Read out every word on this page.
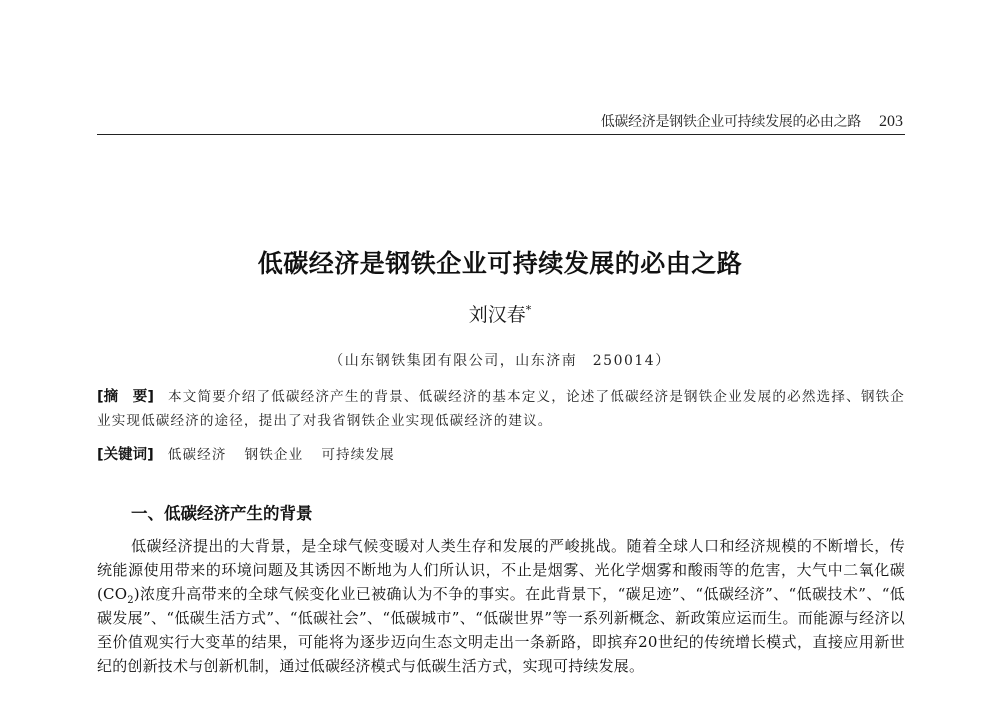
低碳经济是钢铁企业可持续发展的必由之路 203
低碳经济是钢铁企业可持续发展的必由之路
刘汉春*
（山东钢铁集团有限公司，山东济南　250014）
[摘　要] 本文简要介绍了低碳经济产生的背景、低碳经济的基本定义，论述了低碳经济是钢铁企业发展的必然选择、钢铁企业实现低碳经济的途径，提出了对我省钢铁企业实现低碳经济的建议。
[关键词] 低碳经济 钢铁企业 可持续发展
一、低碳经济产生的背景
低碳经济提出的大背景，是全球气候变暖对人类生存和发展的严峻挑战。随着全球人口和经济规模的不断增长，传统能源使用带来的环境问题及其诱因不断地为人们所认识，不止是烟雾、光化学烟雾和酸雨等的危害，大气中二氧化碳$(CO_2)$浓度升高带来的全球气候变化业已被确认为不争的事实。在此背景下，“碳足迹”、“低碳经济”、“低碳技术”、“低碳发展”、“低碳生活方式”、“低碳社会”、“低碳城市”、“低碳世界”等一系列新概念、新政策应运而生。而能源与经济以至价值观实行大变革的结果，可能将为逐步迈向生态文明走出一条新路，即摈弃20世纪的传统增长模式，直接应用新世纪的创新技术与创新机制，通过低碳经济模式与低碳生活方式，实现可持续发展。
